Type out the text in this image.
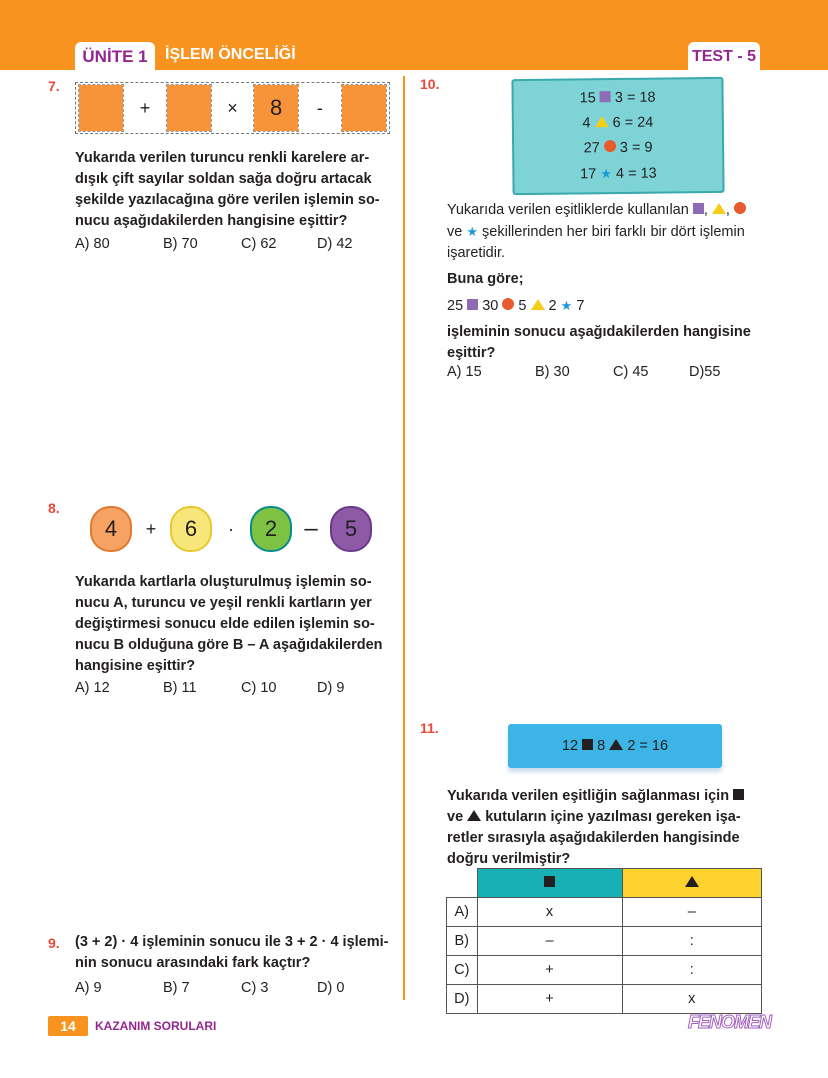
ÜNİTE 1	İŞLEM ÖNCELİĞİ	TEST - 5
7.
+	×	8	-
Yukarıda verilen turuncu renkli karelere ar-
dışık çift sayılar soldan sağa doğru artacak
şekilde yazılacağına göre verilen işlemin so-
nucu aşağıdakilerden hangisine eşittir?
A) 80	B) 70	C) 62	D) 42
8.
4	+	6	·	2	–	5
Yukarıda kartlarla oluşturulmuş işlemin so-
nucu A, turuncu ve yeşil renkli kartların yer
değiştirmesi sonucu elde edilen işlemin so-
nucu B olduğuna göre B – A aşağıdakilerden
hangisine eşittir?
A) 12	B) 11	C) 10	D) 9
9. (3 + 2) · 4 işleminin sonucu ile 3 + 2 · 4 işlemi-
nin sonucu arasındaki fark kaçtır?
A) 9	B) 7	C) 3	D) 0
10.
15 3 = 18
4 6 = 24
27 3 = 9
17 ★ 4 = 13
Yukarıda verilen eşitliklerde kullanılan , ,
ve ★ şekillerinden her biri farklı bir dört işlemin
işaretidir.
Buna göre;
25 30 5 2 ★ 7
işleminin sonucu aşağıdakilerden hangisine
eşittir?
A) 15	B) 30	C) 45	D)55
11.
12 8 2 = 16
Yukarıda verilen eşitliğin sağlanması için
ve kutuların içine yazılması gereken işa-
retler sırasıyla aşağıdakilerden hangisinde
doğru verilmiştir?

A)	x	–
B)	–	:
C)	+	:
D)	+	x
14	KAZANIM SORULARI	FENOMEN
